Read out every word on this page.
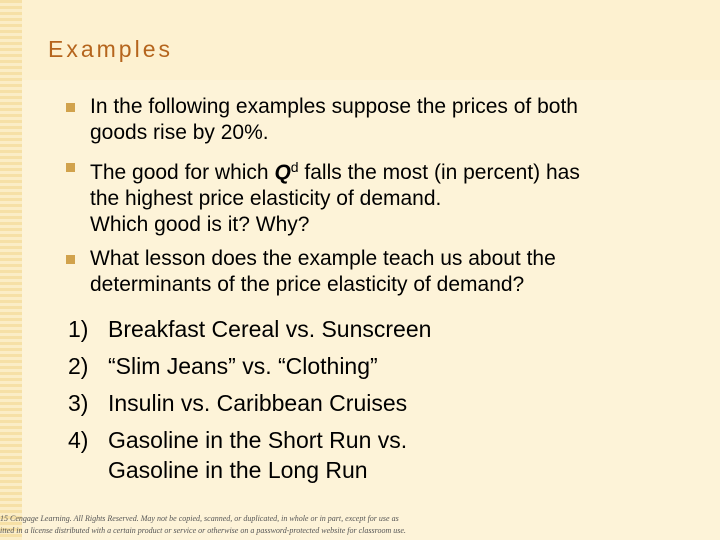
Examples

In the following examples suppose the prices of both

goods rise by 20%.

The good for which $Q^d$ falls the most (in percent) has

the highest price elasticity of demand.

Which good is it? Why?

What lesson does the example teach us about the

determinants of the price elasticity of demand?

1) Breakfast Cereal vs. Sunscreen

2) “Slim Jeans” vs. “Clothing”

3) Insulin vs. Caribbean Cruises

4) Gasoline in the Short Run vs.

Gasoline in the Long Run

15 Cengage Learning. All Rights Reserved. May not be copied, scanned, or duplicated, in whole or in part, except for use as
itted in a license distributed with a certain product or service or otherwise on a password-protected website for classroom use.
